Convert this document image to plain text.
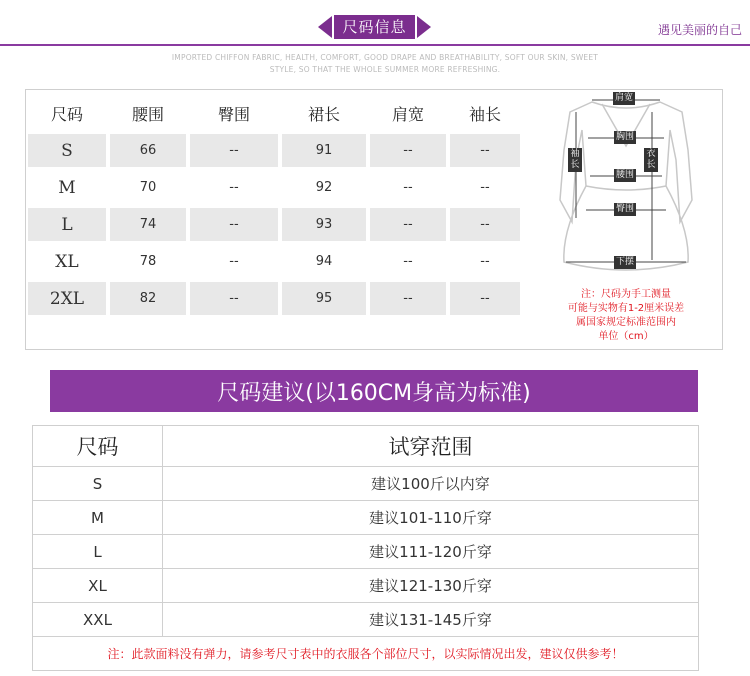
尺码信息	遇见美丽的自己
IMPORTED CHIFFON FABRIC, HEALTH, COMFORT, GOOD DRAPE AND BREATHABILITY, SOFT OUR SKIN, SWEET
STYLE, SO THAT THE WHOLE SUMMER MORE REFRESHING.
尺码	腰围	臀围	裙长	肩宽	袖长
S	66	--	91	--	--
M	70	--	92	--	--
L	74	--	93	--	--
XL	78	--	94	--	--
2XL	82	--	95	--	--
肩宽
胸围
袖长
衣长
腰围
臀围
下摆
注：尺码为手工测量
可能与实物有1-2厘米误差
属国家规定标准范围内
单位（cm）
尺码建议(以160CM身高为标准)
尺码	试穿范围
S	建议100斤以内穿
M	建议101-110斤穿
L	建议111-120斤穿
XL	建议121-130斤穿
XXL	建议131-145斤穿
注：此款面料没有弹力，请参考尺寸表中的衣服各个部位尺寸，以实际情况出发，建议仅供参考！
